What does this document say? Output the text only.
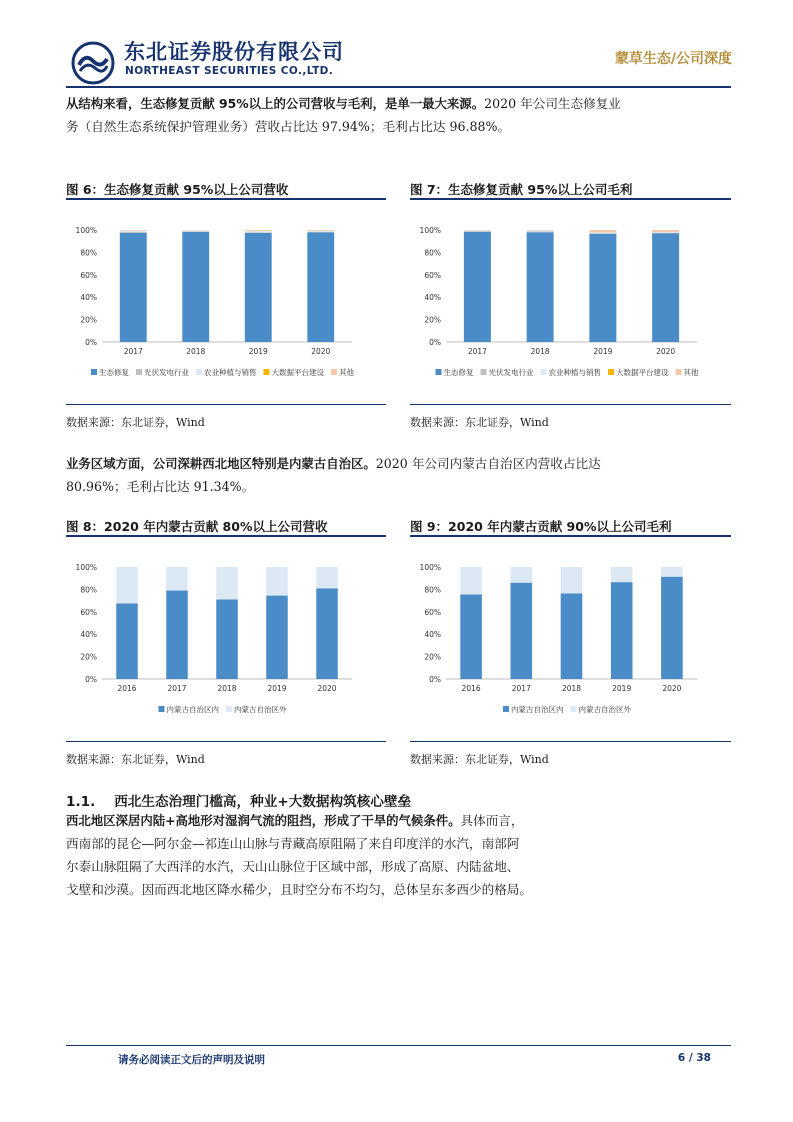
东北证券股份有限公司
NORTHEAST SECURITIES CO.,LTD.
蒙草生态/公司深度
从结构来看，生态修复贡献 95%以上的公司营收与毛利，是单一最大来源。2020 年公司生态修复业务（自然生态系统保护管理业务）营收占比达 97.94%；毛利占比达 96.88%。
图 6：生态修复贡献 95%以上公司营收	图 7：生态修复贡献 95%以上公司毛利
0%
20%
40%
60%
80%
100%
2017	2018	2019	2020
生态修复 光伏发电行业 农业种植与销售 大数据平台建设 其他
0%
20%
40%
60%
80%
100%
2017	2018	2019	2020
生态修复 光伏发电行业 农业种植与销售 大数据平台建设 其他
数据来源：东北证券，Wind	数据来源：东北证券，Wind
业务区域方面，公司深耕西北地区特别是内蒙古自治区。2020 年公司内蒙古自治区内营收占比达 80.96%；毛利占比达 91.34%。
图 8：2020 年内蒙古贡献 80%以上公司营收	图 9：2020 年内蒙古贡献 90%以上公司毛利
0%
20%
40%
60%
80%
100%
2016	2017	2018	2019	2020
内蒙古自治区内 内蒙古自治区外
0%
20%
40%
60%
80%
100%
2016	2017	2018	2019	2020
内蒙古自治区内 内蒙古自治区外
数据来源：东北证券，Wind	数据来源：东北证券，Wind
1.1. 西北生态治理门槛高，种业+大数据构筑核心壁垒
西北地区深居内陆+高地形对湿润气流的阻挡，形成了干旱的气候条件。具体而言，
西南部的昆仑—阿尔金—祁连山山脉与青藏高原阻隔了来自印度洋的水汽，南部阿
尔泰山脉阻隔了大西洋的水汽，天山山脉位于区域中部，形成了高原、内陆盆地、
戈壁和沙漠。因而西北地区降水稀少，且时空分布不均匀，总体呈东多西少的格局。
请务必阅读正文后的声明及说明	6 / 38
